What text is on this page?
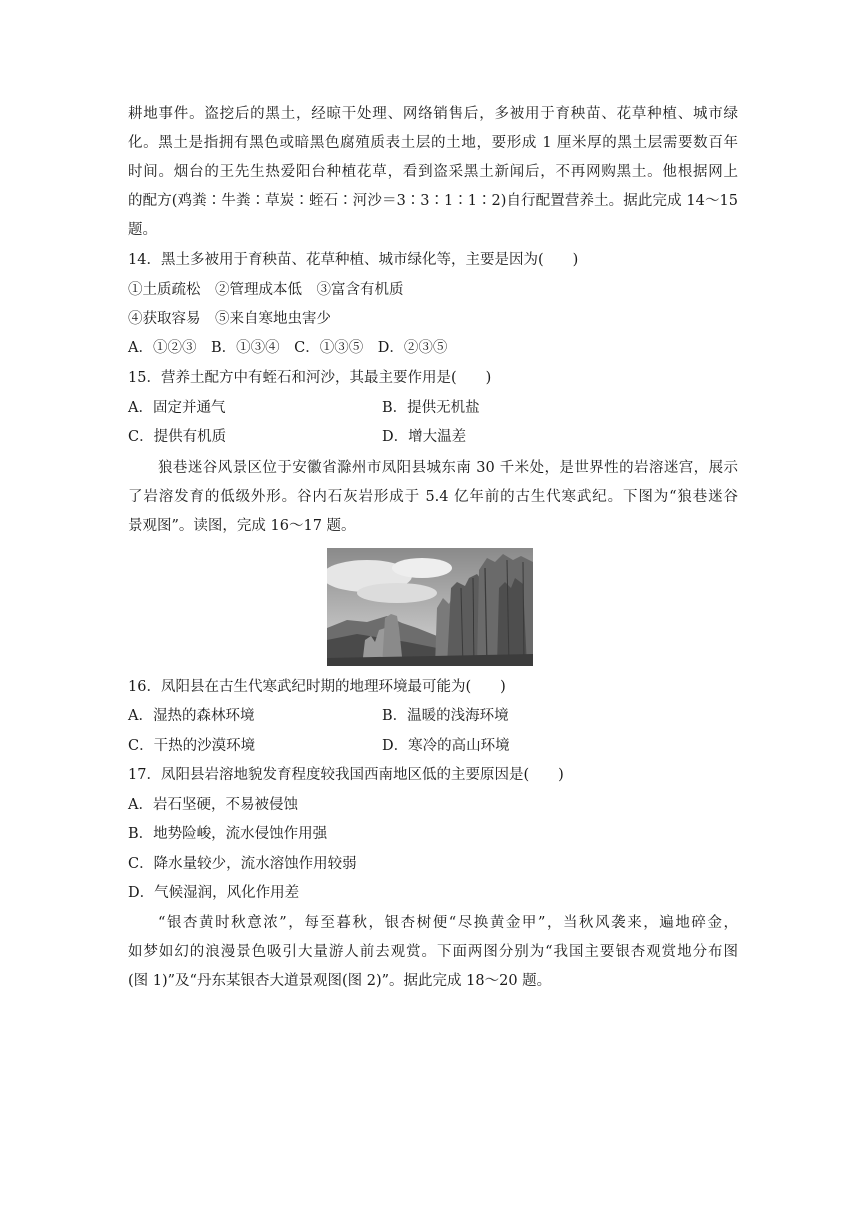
耕地事件。盗挖后的黑土，经晾干处理、网络销售后，多被用于育秧苗、花草种植、城市绿
化。黑土是指拥有黑色或暗黑色腐殖质表土层的土地，要形成 1 厘米厚的黑土层需要数百年
时间。烟台的王先生热爱阳台种植花草，看到盗采黑土新闻后，不再网购黑土。他根据网上
的配方(鸡粪∶牛粪∶草炭∶蛭石∶河沙＝3∶3∶1∶1∶2)自行配置营养土。据此完成 14～15
题。
14．黑土多被用于育秧苗、花草种植、城市绿化等，主要是因为(　　)
①土质疏松　②管理成本低　③富含有机质
④获取容易　⑤来自寒地虫害少
A．①②③　B．①③④　C．①③⑤　D．②③⑤
15．营养土配方中有蛭石和河沙，其最主要作用是(　　)
A．固定并通气	B．提供无机盐
C．提供有机质	D．增大温差
狼巷迷谷风景区位于安徽省滁州市凤阳县城东南 30 千米处，是世界性的岩溶迷宫，展示
了岩溶发育的低级外形。谷内石灰岩形成于 5.4 亿年前的古生代寒武纪。下图为“狼巷迷谷
景观图”。读图，完成 16～17 题。
16．凤阳县在古生代寒武纪时期的地理环境最可能为(　　)
A．湿热的森林环境	B．温暖的浅海环境
C．干热的沙漠环境	D．寒冷的高山环境
17．凤阳县岩溶地貌发育程度较我国西南地区低的主要原因是(　　)
A．岩石坚硬，不易被侵蚀
B．地势险峻，流水侵蚀作用强
C．降水量较少，流水溶蚀作用较弱
D．气候湿润，风化作用差
“银杏黄时秋意浓”，每至暮秋，银杏树便“尽换黄金甲”，当秋风袭来，遍地碎金，
如梦如幻的浪漫景色吸引大量游人前去观赏。下面两图分别为“我国主要银杏观赏地分布图
(图 1)”及“丹东某银杏大道景观图(图 2)”。据此完成 18～20 题。
